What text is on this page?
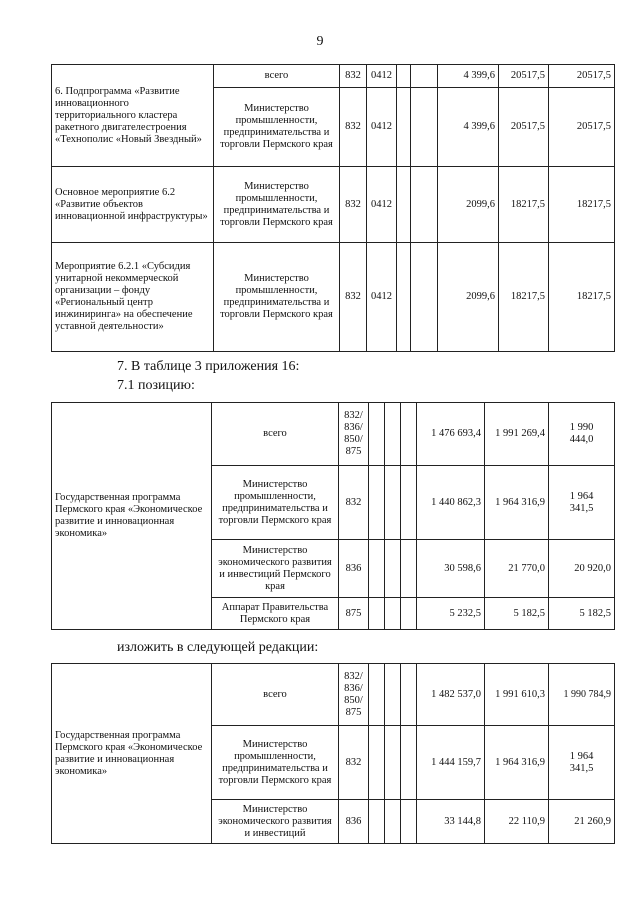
9
6. Подпрограмма «Развитие инновационного территориального кластера ракетного двигателестроения «Технополис «Новый Звездный»	всего	832	0412			4 399,6	20517,5	20517,5
	Министерство промышленности, предпринимательства и торговли Пермского края	832	0412			4 399,6	20517,5	20517,5
Основное мероприятие 6.2 «Развитие объектов инновационной инфраструктуры»	Министерство промышленности, предпринимательства и торговли Пермского края	832	0412			2099,6	18217,5	18217,5
Мероприятие 6.2.1 «Субсидия унитарной некоммерческой организации – фонду «Региональный центр инжиниринга» на обеспечение уставной деятельности»	Министерство промышленности, предпринимательства и торговли Пермского края	832	0412			2099,6	18217,5	18217,5
7. В таблице 3 приложения 16:
7.1 позицию:
Государственная программа Пермского края «Экономическое развитие и инновационная экономика»	всего	832/ 836/ 850/ 875				1 476 693,4	1 991 269,4	1 990 444,0
	Министерство промышленности, предпринимательства и торговли Пермского края	832				1 440 862,3	1 964 316,9	1 964 341,5
	Министерство экономического развития и инвестиций Пермского края	836				30 598,6	21 770,0	20 920,0
	Аппарат Правительства Пермского края	875				5 232,5	5 182,5	5 182,5
изложить в следующей редакции:
Государственная программа Пермского края «Экономическое развитие и инновационная экономика»	всего	832/ 836/ 850/ 875				1 482 537,0	1 991 610,3	1 990 784,9
	Министерство промышленности, предпринимательства и торговли Пермского края	832				1 444 159,7	1 964 316,9	1 964 341,5
	Министерство экономического развития и инвестиций	836				33 144,8	22 110,9	21 260,9
